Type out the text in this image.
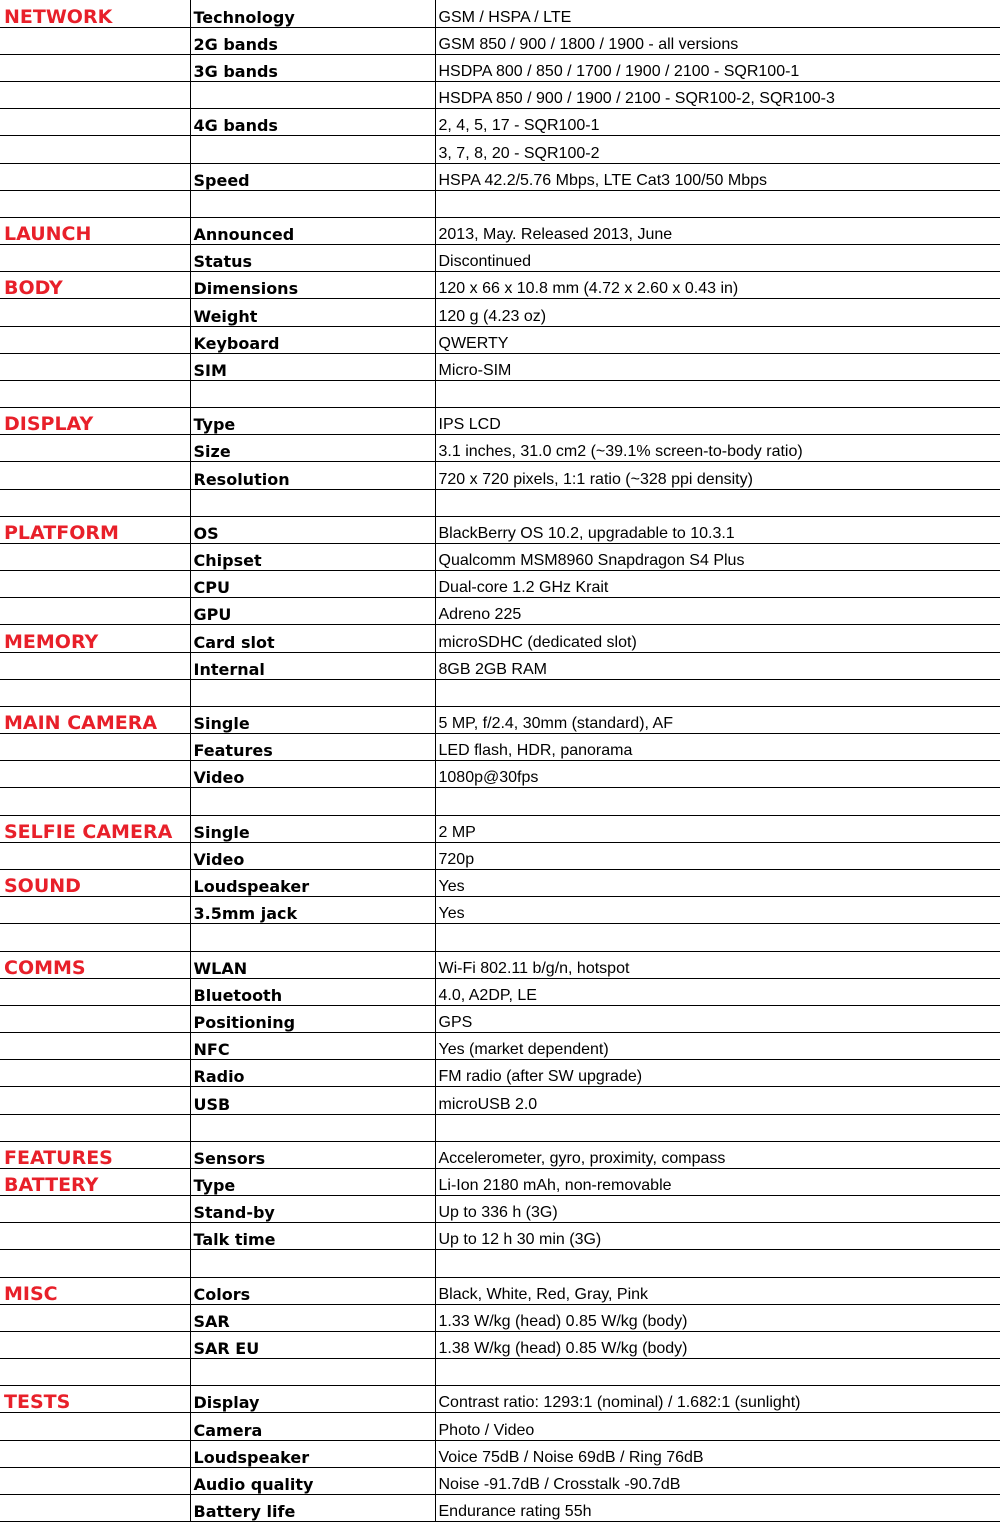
NETWORK	Technology	GSM / HSPA / LTE
	2G bands	GSM 850 / 900 / 1800 / 1900 - all versions
	3G bands	HSDPA 800 / 850 / 1700 / 1900 / 2100 - SQR100-1
		HSDPA 850 / 900 / 1900 / 2100 - SQR100-2, SQR100-3
	4G bands	2, 4, 5, 17 - SQR100-1
		3, 7, 8, 20 - SQR100-2
	Speed	HSPA 42.2/5.76 Mbps, LTE Cat3 100/50 Mbps

LAUNCH	Announced	2013, May. Released 2013, June
	Status	Discontinued
BODY	Dimensions	120 x 66 x 10.8 mm (4.72 x 2.60 x 0.43 in)
	Weight	120 g (4.23 oz)
	Keyboard	QWERTY
	SIM	Micro-SIM

DISPLAY	Type	IPS LCD
	Size	3.1 inches, 31.0 cm2 (~39.1% screen-to-body ratio)
	Resolution	720 x 720 pixels, 1:1 ratio (~328 ppi density)

PLATFORM	OS	BlackBerry OS 10.2, upgradable to 10.3.1
	Chipset	Qualcomm MSM8960 Snapdragon S4 Plus
	CPU	Dual-core 1.2 GHz Krait
	GPU	Adreno 225
MEMORY	Card slot	microSDHC (dedicated slot)
	Internal	8GB 2GB RAM

MAIN CAMERA	Single	5 MP, f/2.4, 30mm (standard), AF
	Features	LED flash, HDR, panorama
	Video	1080p@30fps

SELFIE CAMERA	Single	2 MP
	Video	720p
SOUND	Loudspeaker	Yes
	3.5mm jack	Yes

COMMS	WLAN	Wi-Fi 802.11 b/g/n, hotspot
	Bluetooth	4.0, A2DP, LE
	Positioning	GPS
	NFC	Yes (market dependent)
	Radio	FM radio (after SW upgrade)
	USB	microUSB 2.0

FEATURES	Sensors	Accelerometer, gyro, proximity, compass
BATTERY	Type	Li-Ion 2180 mAh, non-removable
	Stand-by	Up to 336 h (3G)
	Talk time	Up to 12 h 30 min (3G)

MISC	Colors	Black, White, Red, Gray, Pink
	SAR	1.33 W/kg (head) 0.85 W/kg (body)
	SAR EU	1.38 W/kg (head) 0.85 W/kg (body)

TESTS	Display	Contrast ratio: 1293:1 (nominal) / 1.682:1 (sunlight)
	Camera	Photo / Video
	Loudspeaker	Voice 75dB / Noise 69dB / Ring 76dB
	Audio quality	Noise -91.7dB / Crosstalk -90.7dB
	Battery life	Endurance rating 55h
